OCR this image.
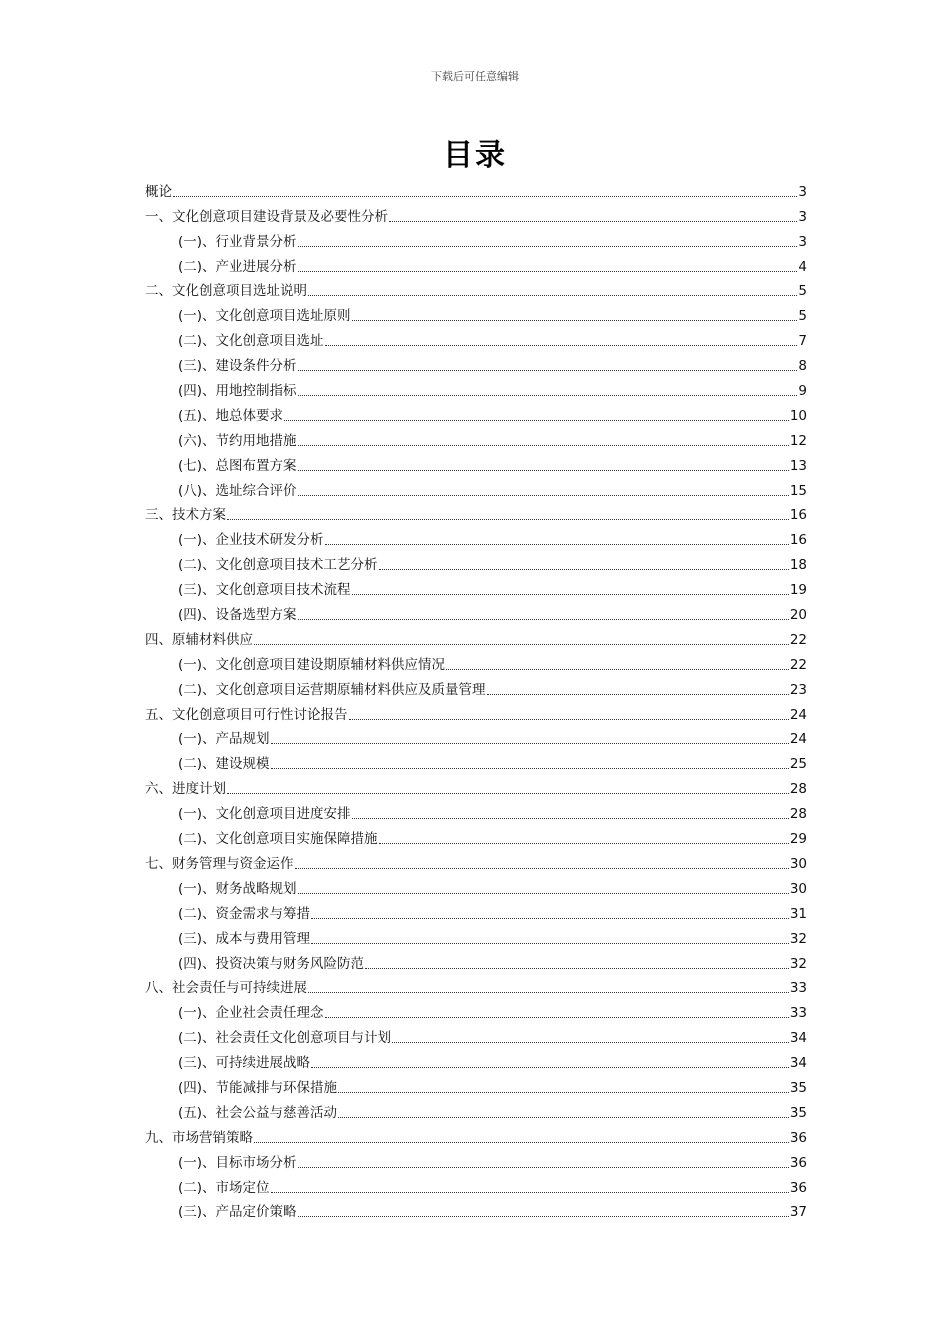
下载后可任意编辑
目录
概论	3
一、文化创意项目建设背景及必要性分析	3
(一)、行业背景分析	3
(二)、产业进展分析	4
二、文化创意项目选址说明	5
(一)、文化创意项目选址原则	5
(二)、文化创意项目选址	7
(三)、建设条件分析	8
(四)、用地控制指标	9
(五)、地总体要求	10
(六)、节约用地措施	12
(七)、总图布置方案	13
(八)、选址综合评价	15
三、技术方案	16
(一)、企业技术研发分析	16
(二)、文化创意项目技术工艺分析	18
(三)、文化创意项目技术流程	19
(四)、设备选型方案	20
四、原辅材料供应	22
(一)、文化创意项目建设期原辅材料供应情况	22
(二)、文化创意项目运营期原辅材料供应及质量管理	23
五、文化创意项目可行性讨论报告	24
(一)、产品规划	24
(二)、建设规模	25
六、进度计划	28
(一)、文化创意项目进度安排	28
(二)、文化创意项目实施保障措施	29
七、财务管理与资金运作	30
(一)、财务战略规划	30
(二)、资金需求与筹措	31
(三)、成本与费用管理	32
(四)、投资决策与财务风险防范	32
八、社会责任与可持续进展	33
(一)、企业社会责任理念	33
(二)、社会责任文化创意项目与计划	34
(三)、可持续进展战略	34
(四)、节能减排与环保措施	35
(五)、社会公益与慈善活动	35
九、市场营销策略	36
(一)、目标市场分析	36
(二)、市场定位	36
(三)、产品定价策略	37
